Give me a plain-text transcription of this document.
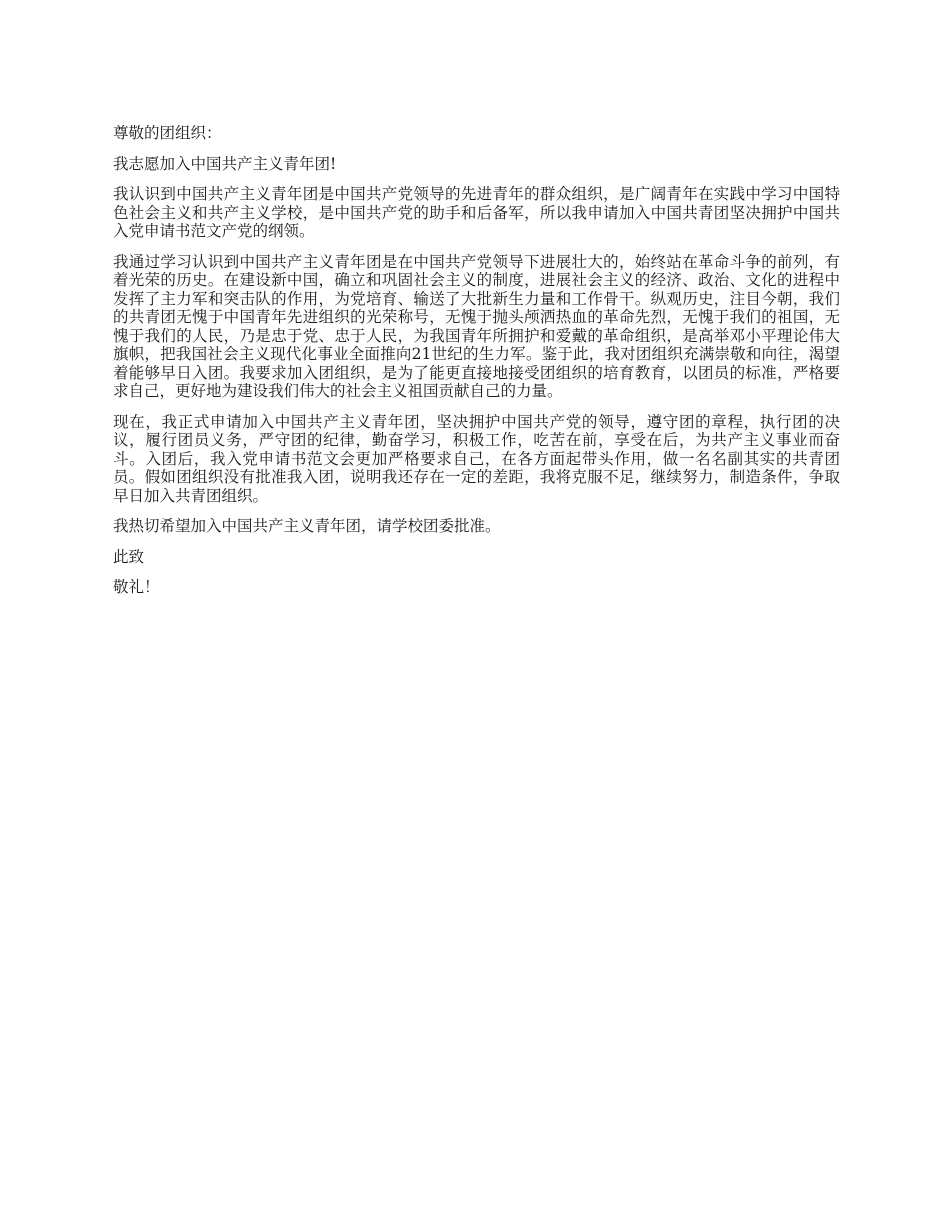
尊敬的团组织：

我志愿加入中国共产主义青年团!

我认识到中国共产主义青年团是中国共产党领导的先进青年的群众组织，是广阔青年在实践中学习中国特色社会主义和共产主义学校，是中国共产党的助手和后备军，所以我申请加入中国共青团坚决拥护中国共入党申请书范文产党的纲领。

我通过学习认识到中国共产主义青年团是在中国共产党领导下进展壮大的，始终站在革命斗争的前列，有着光荣的历史。在建设新中国，确立和巩固社会主义的制度，进展社会主义的经济、政治、文化的进程中发挥了主力军和突击队的作用，为党培育、输送了大批新生力量和工作骨干。纵观历史，注目今朝，我们的共青团无愧于中国青年先进组织的光荣称号，无愧于抛头颅洒热血的革命先烈，无愧于我们的祖国，无愧于我们的人民，乃是忠于党、忠于人民，为我国青年所拥护和爱戴的革命组织，是高举邓小平理论伟大旗帜，把我国社会主义现代化事业全面推向21世纪的生力军。鉴于此，我对团组织充满崇敬和向往，渴望着能够早日入团。我要求加入团组织，是为了能更直接地接受团组织的培育教育，以团员的标准，严格要求自己，更好地为建设我们伟大的社会主义祖国贡献自己的力量。

现在，我正式申请加入中国共产主义青年团，坚决拥护中国共产党的领导，遵守团的章程，执行团的决议，履行团员义务，严守团的纪律，勤奋学习，积极工作，吃苦在前，享受在后，为共产主义事业而奋斗。入团后，我入党申请书范文会更加严格要求自己，在各方面起带头作用，做一名名副其实的共青团员。假如团组织没有批准我入团，说明我还存在一定的差距，我将克服不足，继续努力，制造条件，争取早日加入共青团组织。

我热切希望加入中国共产主义青年团，请学校团委批准。

此致

敬礼！
